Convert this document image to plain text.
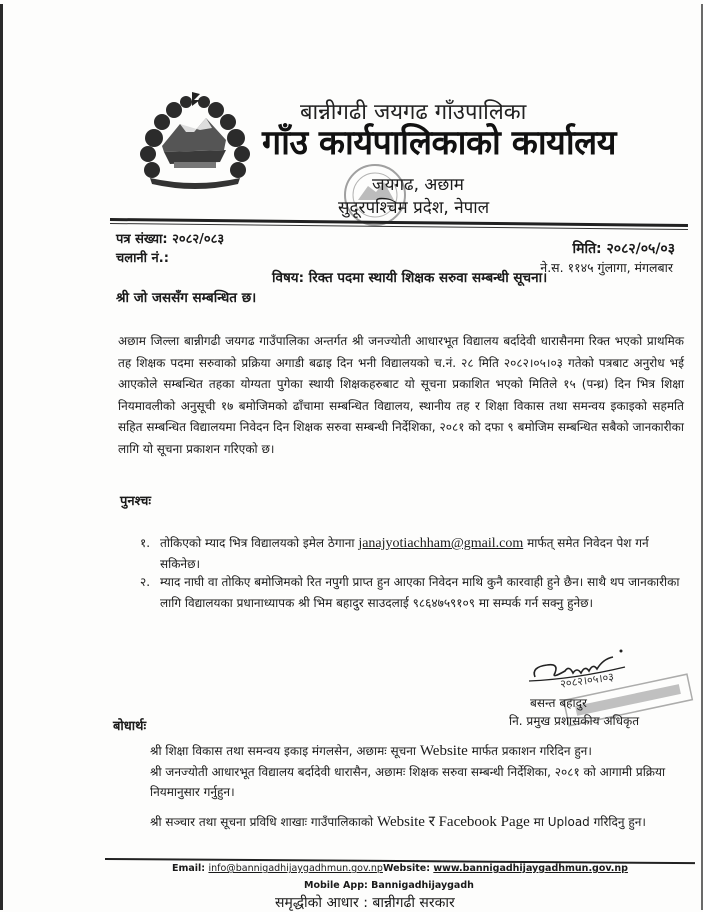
बान्नीगढी जयगढ गाँउपालिका
गाँउ कार्यपालिकाको कार्यालय
जयगढ, अछाम
सुदूरपश्चिम प्रदेश, नेपाल
पत्र संख्या: २०८२/०८३
चलानी नं.:
मिति: २०८२/०५/०३
ने.स. ११४५ गुंलागा, मंगलबार
विषय: रिक्त पदमा स्थायी शिक्षक सरुवा सम्बन्धी सूचना।
श्री जो जससँग सम्बन्धित छ।
अछाम जिल्ला बान्नीगढी जयगढ गाउँपालिका अन्तर्गत श्री जनज्योती आधारभूत विद्यालय बर्दादेवी धारासैनमा रिक्त भएको प्राथमिक तह शिक्षक पदमा सरुवाको प्रक्रिया अगाडी बढाइ दिन भनी विद्यालयको च.नं. २८ मिति २०८२।०५।०३ गतेको पत्रबाट अनुरोध भई आएकोले सम्बन्धित तहका योग्यता पुगेका स्थायी शिक्षकहरुबाट यो सूचना प्रकाशित भएको मितिले १५ (पन्ध्र) दिन भित्र शिक्षा नियमावलीको अनुसूची १७ बमोजिमको ढाँचामा सम्बन्धित विद्यालय, स्थानीय तह र शिक्षा विकास तथा समन्वय इकाइको सहमति सहित सम्बन्धित विद्यालयमा निवेदन दिन शिक्षक सरुवा सम्बन्धी निर्देशिका, २०८१ को दफा ९ बमोजिम सम्बन्धित सबैको जानकारीका लागि यो सूचना प्रकाशन गरिएको छ।
पुनश्चः
१. तोकिएको म्याद भित्र विद्यालयको इमेल ठेगाना janajyotiachham@gmail.com मार्फत् समेत निवेदन पेश गर्न सकिनेछ।
२. म्याद नाघी वा तोकिए बमोजिमको रित नपुगी प्राप्त हुन आएका निवेदन माथि कुनै कारवाही हुने छैन। साथै थप जानकारीका लागि विद्यालयका प्रधानाध्यापक श्री भिम बहादुर साउदलाई ९८६४७५९१०९ मा सम्पर्क गर्न सक्नु हुनेछ।
२०८२।०५।०३
बसन्त बहादुर
नि. प्रमुख प्रशासकीय अधिकृत
बोधार्थः
श्री शिक्षा विकास तथा समन्वय इकाइ मंगलसेन, अछामः सूचना Website मार्फत प्रकाशन गरिदिन हुन।
श्री जनज्योती आधारभूत विद्यालय बर्दादेवी धारासैन, अछामः शिक्षक सरुवा सम्बन्धी निर्देशिका, २०८१ को आगामी प्रक्रिया नियमानुसार गर्नुहुन।
श्री सञ्चार तथा सूचना प्रविधि शाखाः गाउँपालिकाको Website र Facebook Page मा Upload गरिदिनु हुन।
Email: info@bannigadhijaygadhmun.gov.npWebsite: www.bannigadhijaygadhmun.gov.np
Mobile App: Bannigadhijaygadh
समृद्धीको आधार : बान्नीगढी सरकार
